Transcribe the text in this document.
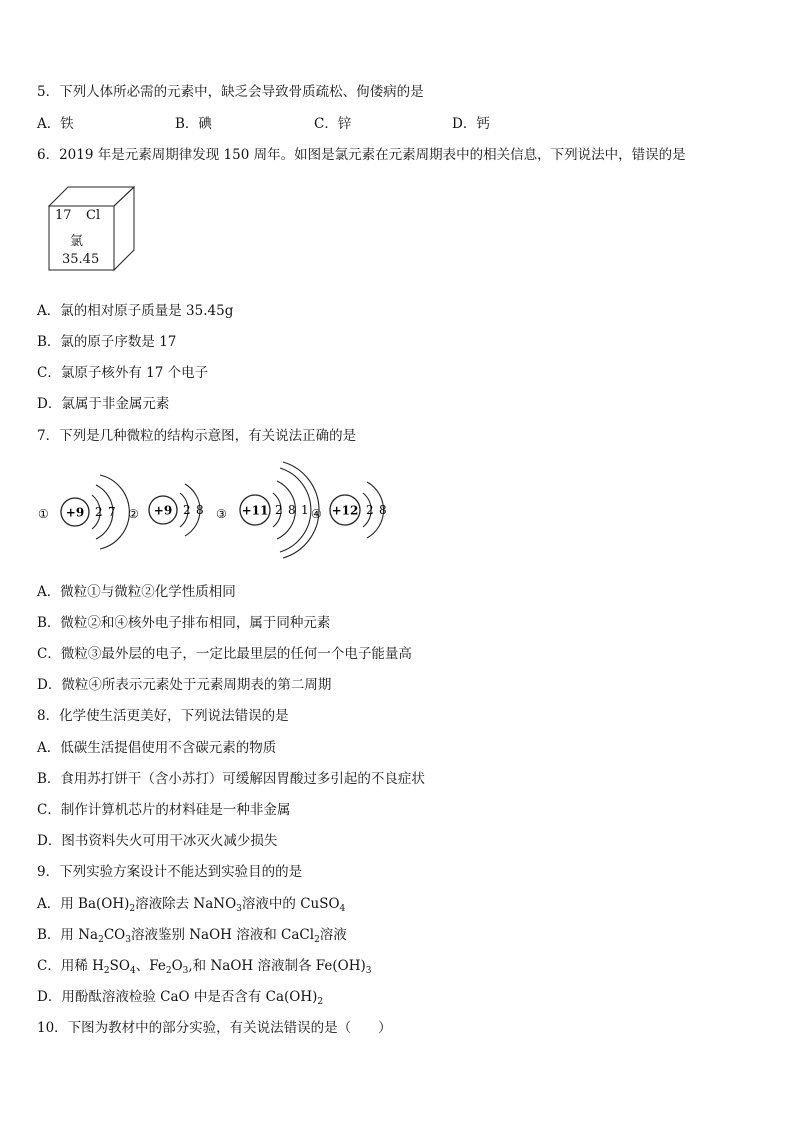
5．下列人体所必需的元素中，缺乏会导致骨质疏松、佝偻病的是
A．铁	B．碘	C．锌	D．钙
6．2019 年是元素周期律发现 150 周年。如图是氯元素在元素周期表中的相关信息，下列说法中，错误的是
17 Cl
氯
35.45
A．氯的相对原子质量是 35.45g
B．氯的原子序数是 17
C．氯原子核外有 17 个电子
D．氯属于非金属元素
7．下列是几种微粒的结构示意图，有关说法正确的是
① +9 2 7 ② +9 2 8 ③ +11 2 8 1 ④ +12 2 8
A．微粒①与微粒②化学性质相同
B．微粒②和④核外电子排布相同，属于同种元素
C．微粒③最外层的电子，一定比最里层的任何一个电子能量高
D．微粒④所表示元素处于元素周期表的第二周期
8．化学使生活更美好，下列说法错误的是
A．低碳生活提倡使用不含碳元素的物质
B．食用苏打饼干（含小苏打）可缓解因胃酸过多引起的不良症状
C．制作计算机芯片的材料硅是一种非金属
D．图书资料失火可用干冰灭火减少损失
9．下列实验方案设计不能达到实验目的的是
A．用 $Ba(OH)_2$溶液除去 NaNO$_3$溶液中的 CuSO$_4$
B．用 $Na_2CO_3$溶液鉴别 NaOH 溶液和 CaCl$_2$溶液
C．用稀 $H_2SO_4$、$Fe_2O_3$,和 NaOH 溶液制各 $Fe(OH)_3$
D．用酚酞溶液检验 CaO 中是否含有 $Ca(OH)_2$
10．下图为教材中的部分实验，有关说法错误的是（　　）
